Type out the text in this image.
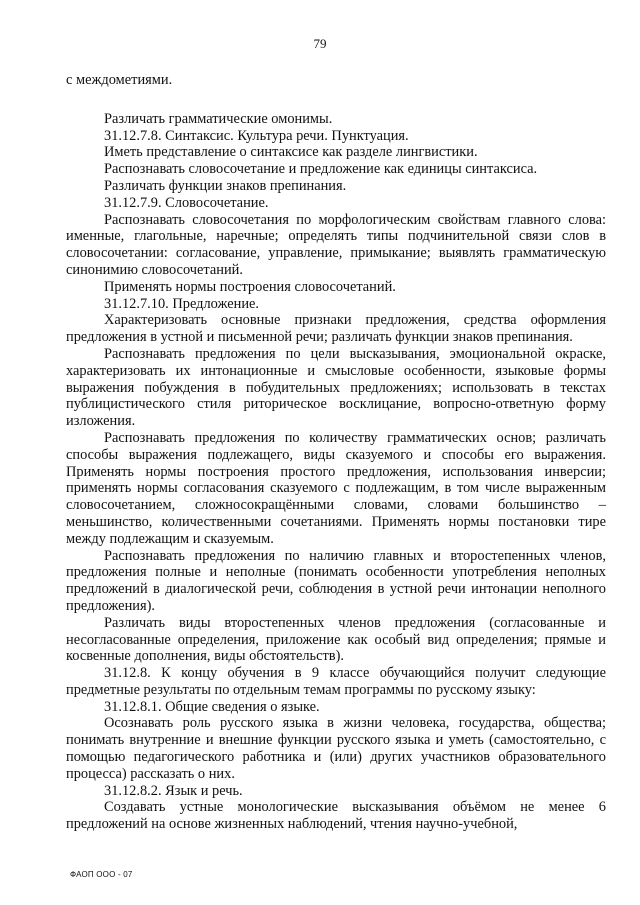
79

с междометиями.

Различать грамматические омонимы.

31.12.7.8. Синтаксис. Культура речи. Пунктуация.

Иметь представление о синтаксисе как разделе лингвистики.

Распознавать словосочетание и предложение как единицы синтаксиса.

Различать функции знаков препинания.

31.12.7.9. Словосочетание.

Распознавать словосочетания по морфологическим свойствам главного слова: именные, глагольные, наречные; определять типы подчинительной связи слов в словосочетании: согласование, управление, примыкание; выявлять грамматическую синонимию словосочетаний.

Применять нормы построения словосочетаний.

31.12.7.10. Предложение.

Характеризовать основные признаки предложения, средства оформления предложения в устной и письменной речи; различать функции знаков препинания.

Распознавать предложения по цели высказывания, эмоциональной окраске, характеризовать их интонационные и смысловые особенности, языковые формы выражения побуждения в побудительных предложениях; использовать в текстах публицистического стиля риторическое восклицание, вопросно-ответную форму изложения.

Распознавать предложения по количеству грамматических основ; различать способы выражения подлежащего, виды сказуемого и способы его выражения. Применять нормы построения простого предложения, использования инверсии; применять нормы согласования сказуемого с подлежащим, в том числе выраженным словосочетанием, сложносокращёнными словами, словами большинство – меньшинство, количественными сочетаниями. Применять нормы постановки тире между подлежащим и сказуемым.

Распознавать предложения по наличию главных и второстепенных членов, предложения полные и неполные (понимать особенности употребления неполных предложений в диалогической речи, соблюдения в устной речи интонации неполного предложения).

Различать виды второстепенных членов предложения (согласованные и несогласованные определения, приложение как особый вид определения; прямые и косвенные дополнения, виды обстоятельств).

31.12.8. К концу обучения в 9 классе обучающийся получит следующие предметные результаты по отдельным темам программы по русскому языку:

31.12.8.1. Общие сведения о языке.

Осознавать роль русского языка в жизни человека, государства, общества; понимать внутренние и внешние функции русского языка и уметь (самостоятельно, с помощью педагогического работника и (или) других участников образовательного процесса) рассказать о них.

31.12.8.2. Язык и речь.

Создавать устные монологические высказывания объёмом не менее 6 предложений на основе жизненных наблюдений, чтения научно-учебной,

ФАОП ООО - 07
